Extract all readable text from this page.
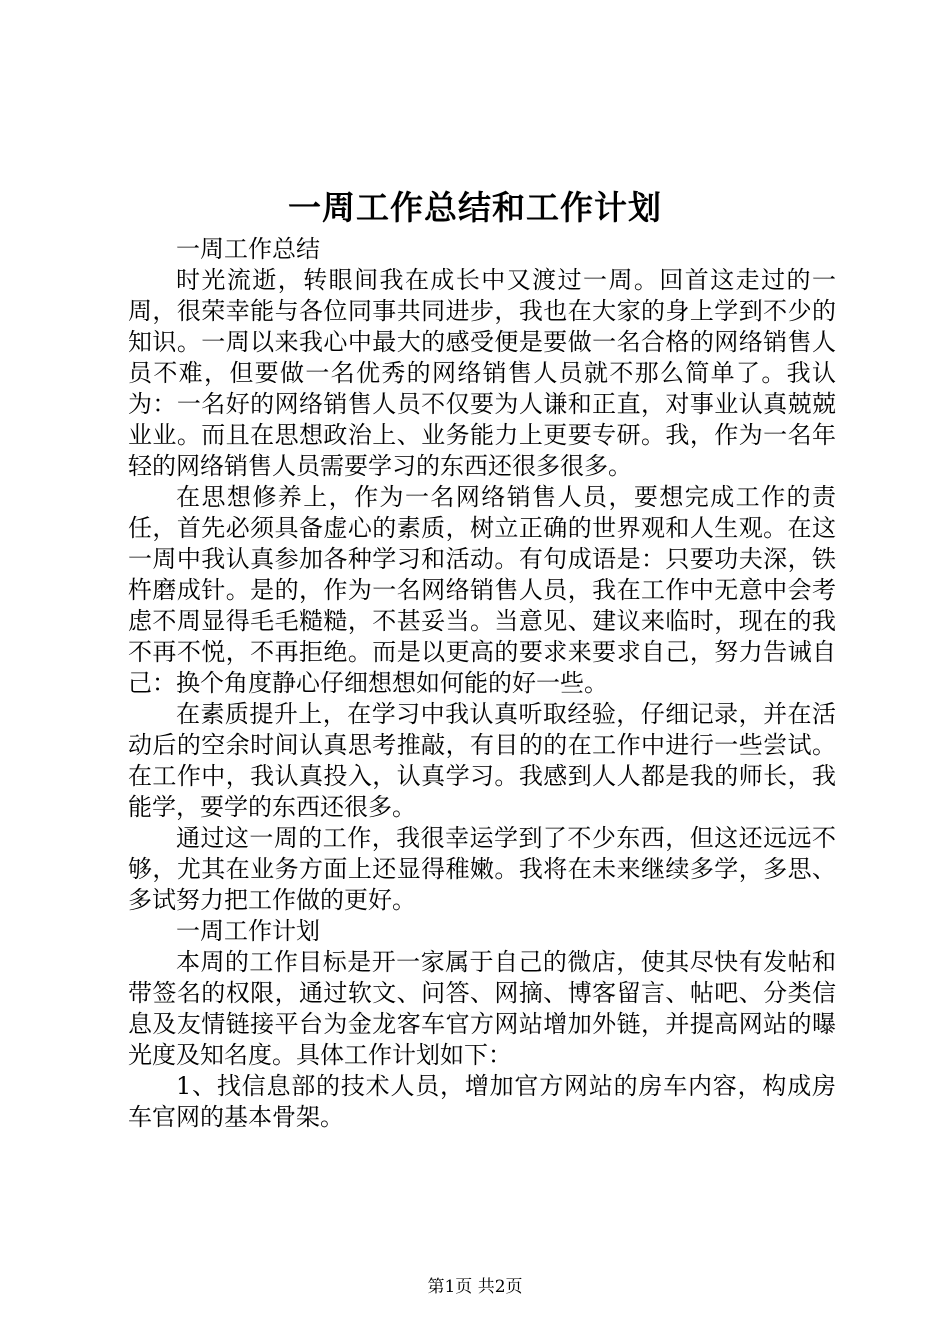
一周工作总结和工作计划

一周工作总结

时光流逝，转眼间我在成长中又渡过一周。回首这走过的一周，很荣幸能与各位同事共同进步，我也在大家的身上学到不少的知识。一周以来我心中最大的感受便是要做一名合格的网络销售人员不难，但要做一名优秀的网络销售人员就不那么简单了。我认为：一名好的网络销售人员不仅要为人谦和正直，对事业认真兢兢业业。而且在思想政治上、业务能力上更要专研。我，作为一名年轻的网络销售人员需要学习的东西还很多很多。

在思想修养上，作为一名网络销售人员，要想完成工作的责任，首先必须具备虚心的素质，树立正确的世界观和人生观。在这一周中我认真参加各种学习和活动。有句成语是：只要功夫深，铁杵磨成针。是的，作为一名网络销售人员，我在工作中无意中会考虑不周显得毛毛糙糙，不甚妥当。当意见、建议来临时，现在的我不再不悦，不再拒绝。而是以更高的要求来要求自己，努力告诫自己：换个角度静心仔细想想如何能的好一些。

在素质提升上，在学习中我认真听取经验，仔细记录，并在活动后的空余时间认真思考推敲，有目的的在工作中进行一些尝试。在工作中，我认真投入，认真学习。我感到人人都是我的师长，我能学，要学的东西还很多。

通过这一周的工作，我很幸运学到了不少东西，但这还远远不够，尤其在业务方面上还显得稚嫩。我将在未来继续多学，多思、多试努力把工作做的更好。

一周工作计划

本周的工作目标是开一家属于自己的微店，使其尽快有发帖和带签名的权限，通过软文、问答、网摘、博客留言、帖吧、分类信息及友情链接平台为金龙客车官方网站增加外链，并提高网站的曝光度及知名度。具体工作计划如下：

1、找信息部的技术人员，增加官方网站的房车内容，构成房车官网的基本骨架。

第1页 共2页
